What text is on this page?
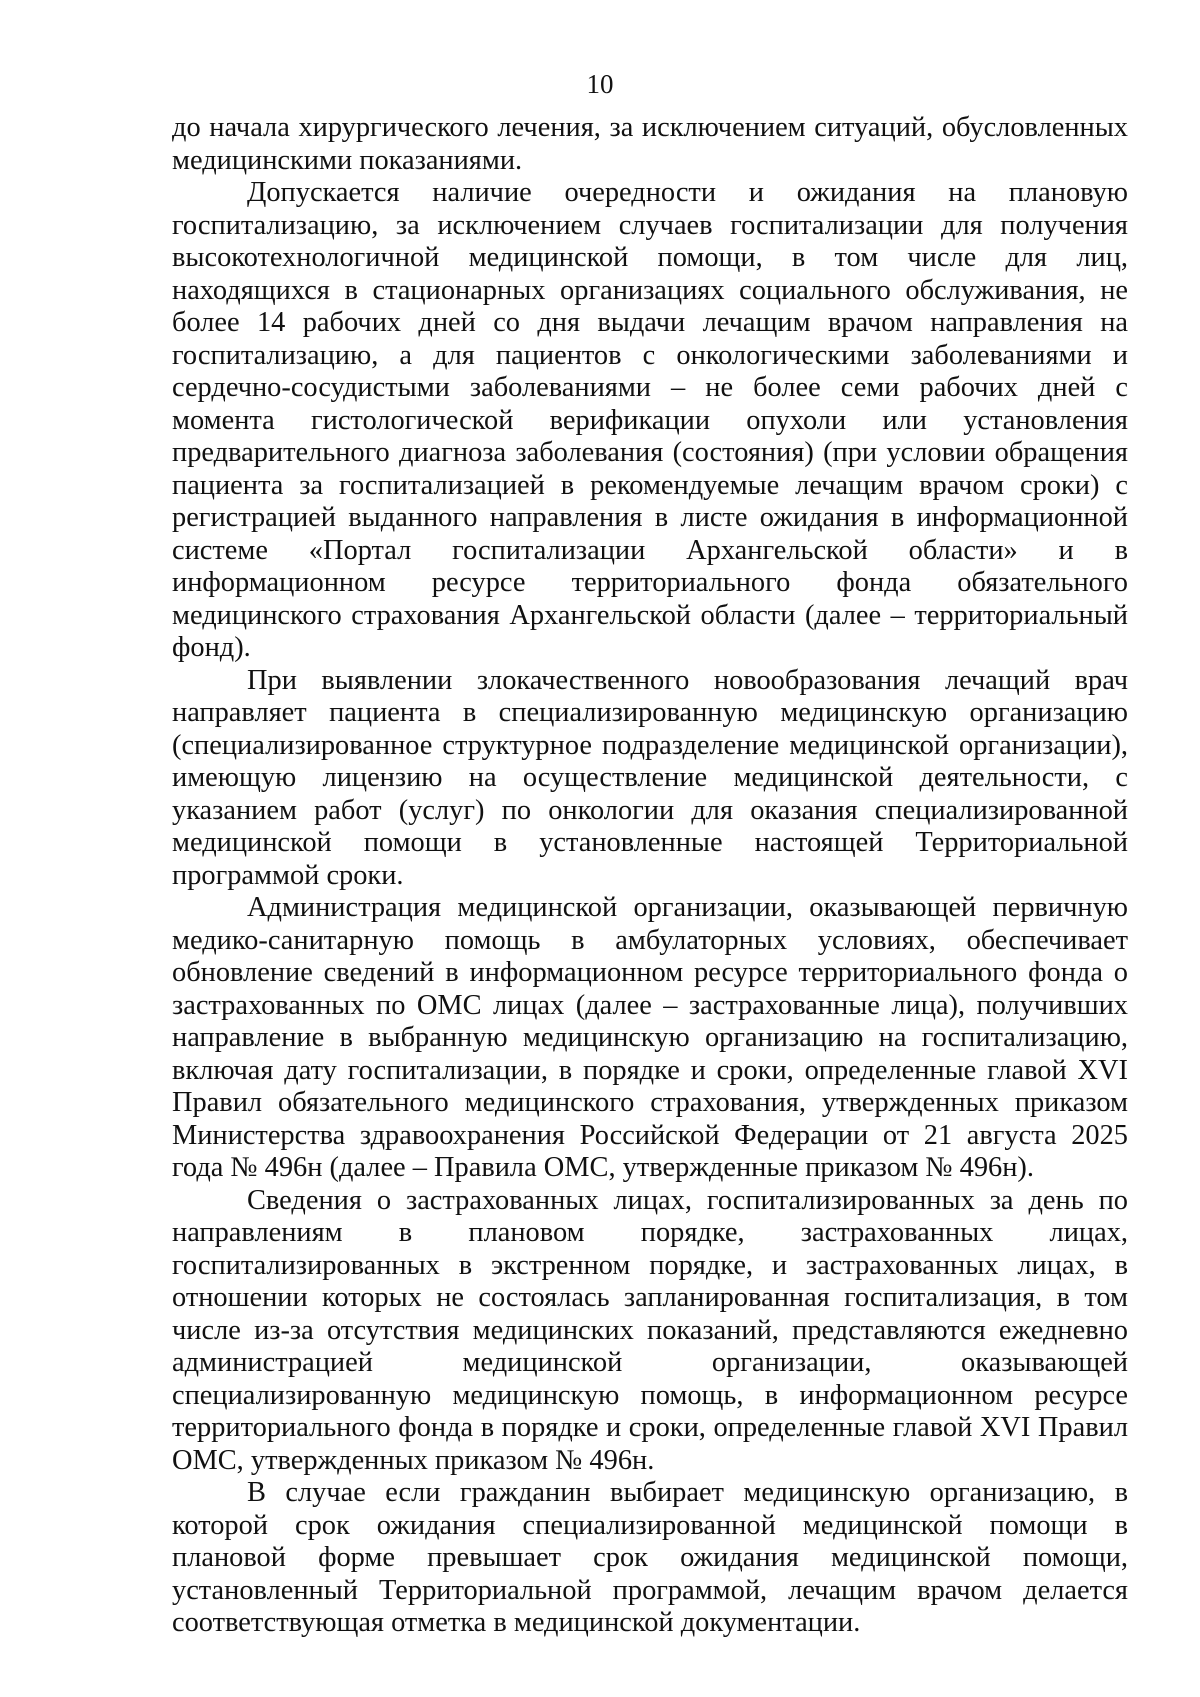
10

до начала хирургического лечения, за исключением ситуаций, обусловленных медицинскими показаниями.

Допускается наличие очередности и ожидания на плановую госпитализацию, за исключением случаев госпитализации для получения высокотехнологичной медицинской помощи, в том числе для лиц, находящихся в стационарных организациях социального обслуживания, не более 14 рабочих дней со дня выдачи лечащим врачом направления на госпитализацию, а для пациентов с онкологическими заболеваниями и сердечно-сосудистыми заболеваниями – не более семи рабочих дней с момента гистологической верификации опухоли или установления предварительного диагноза заболевания (состояния) (при условии обращения пациента за госпитализацией в рекомендуемые лечащим врачом сроки) с регистрацией выданного направления в листе ожидания в информационной системе «Портал госпитализации Архангельской области» и в информационном ресурсе территориального фонда обязательного медицинского страхования Архангельской области (далее – территориальный фонд).

При выявлении злокачественного новообразования лечащий врач направляет пациента в специализированную медицинскую организацию (специализированное структурное подразделение медицинской организации), имеющую лицензию на осуществление медицинской деятельности, с указанием работ (услуг) по онкологии для оказания специализированной медицинской помощи в установленные настоящей Территориальной программой сроки.

Администрация медицинской организации, оказывающей первичную медико-санитарную помощь в амбулаторных условиях, обеспечивает обновление сведений в информационном ресурсе территориального фонда о застрахованных по ОМС лицах (далее – застрахованные лица), получивших направление в выбранную медицинскую организацию на госпитализацию, включая дату госпитализации, в порядке и сроки, определенные главой XVI Правил обязательного медицинского страхования, утвержденных приказом Министерства здравоохранения Российской Федерации от 21 августа 2025 года № 496н (далее – Правила ОМС, утвержденные приказом № 496н).

Сведения о застрахованных лицах, госпитализированных за день по направлениям в плановом порядке, застрахованных лицах, госпитализированных в экстренном порядке, и застрахованных лицах, в отношении которых не состоялась запланированная госпитализация, в том числе из-за отсутствия медицинских показаний, представляются ежедневно администрацией медицинской организации, оказывающей специализированную медицинскую помощь, в информационном ресурсе территориального фонда в порядке и сроки, определенные главой XVI Правил ОМС, утвержденных приказом № 496н.

В случае если гражданин выбирает медицинскую организацию, в которой срок ожидания специализированной медицинской помощи в плановой форме превышает срок ожидания медицинской помощи, установленный Территориальной программой, лечащим врачом делается соответствующая отметка в медицинской документации.
